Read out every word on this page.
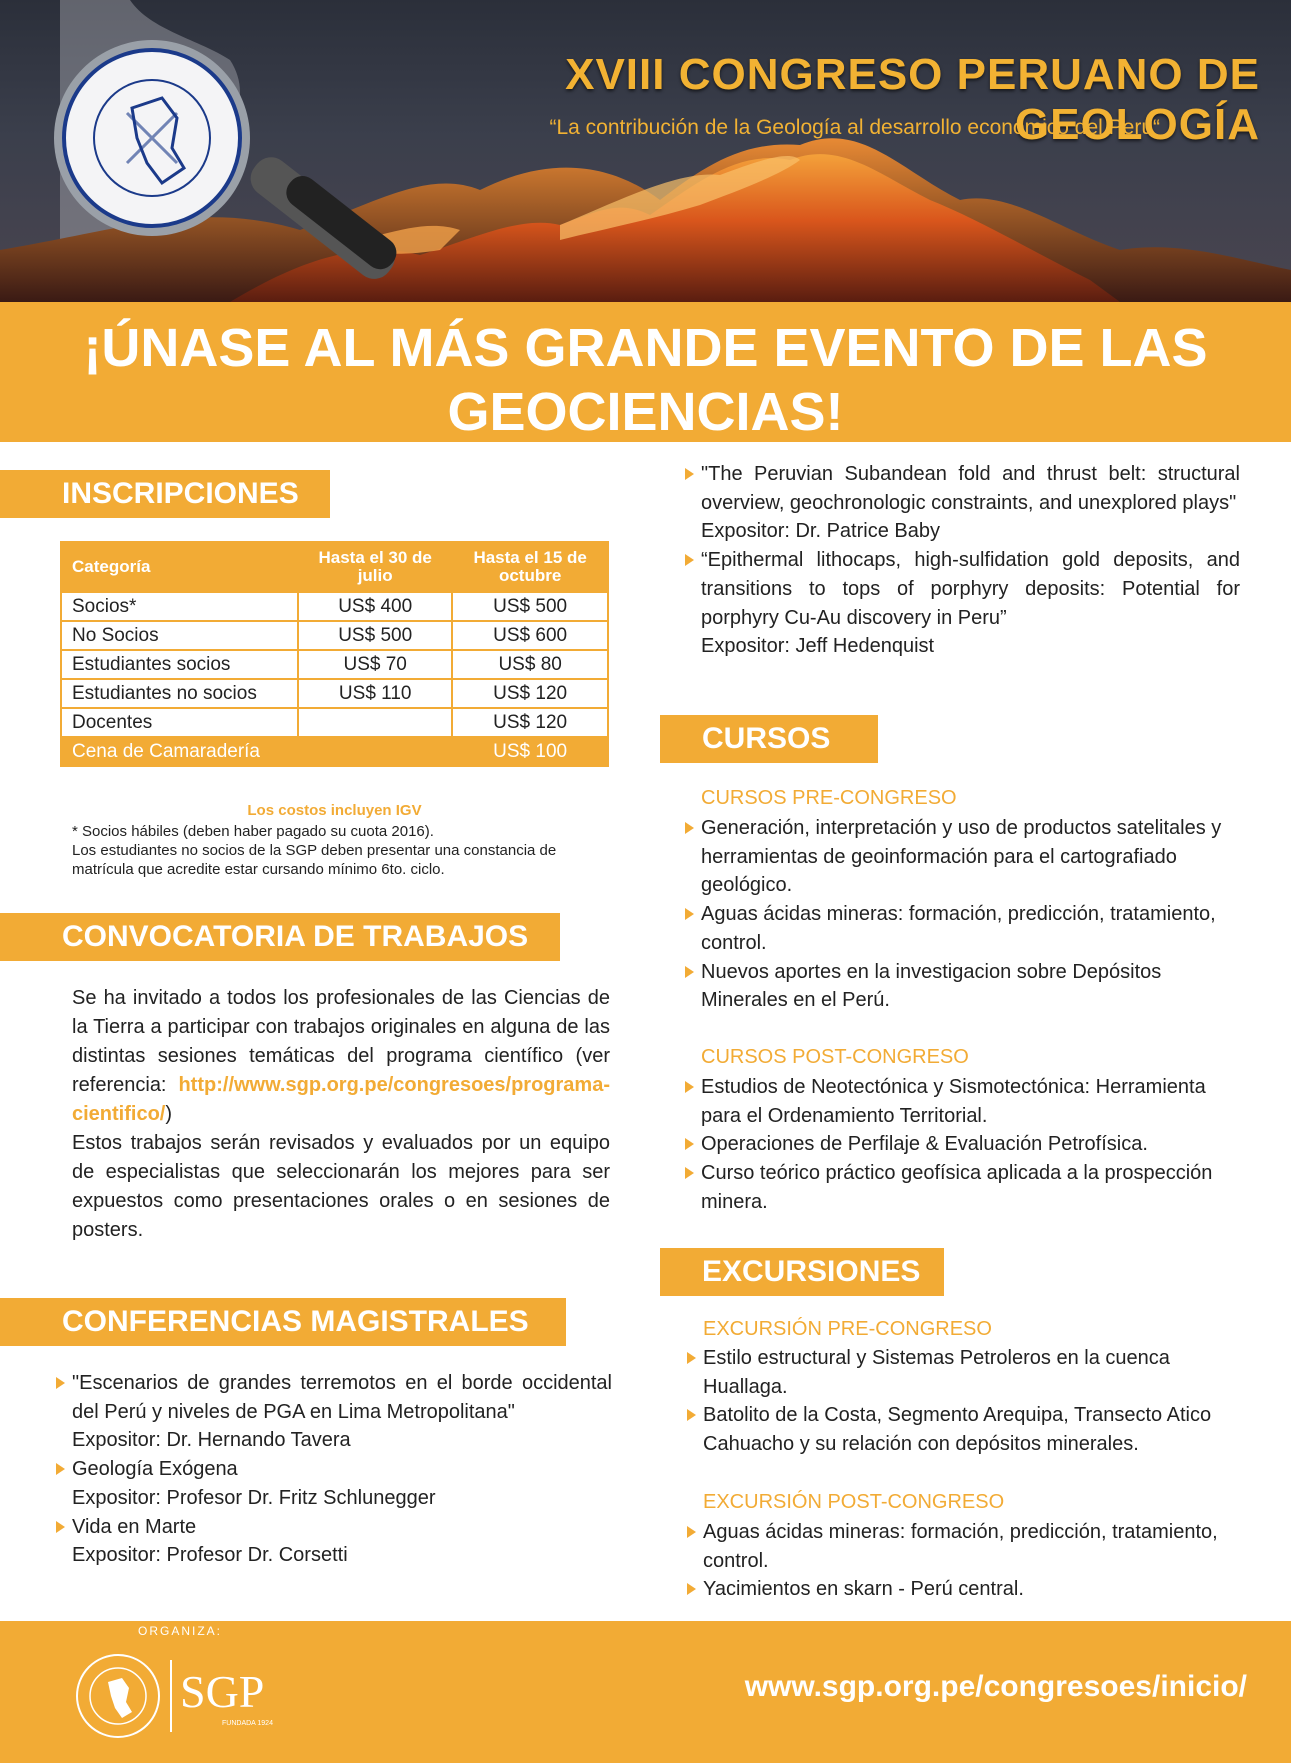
XVIII CONGRESO PERUANO DE GEOLOGÍA
“La contribución de la Geología al desarrollo económico del Perú“
¡ÚNASE AL MÁS GRANDE EVENTO DE LAS
GEOCIENCIAS!
INSCRIPCIONES
Categoría	Hasta el 30 de julio	Hasta el 15 de octubre
Socios*	US$ 400	US$ 500
No Socios	US$ 500	US$ 600
Estudiantes socios	US$ 70	US$ 80
Estudiantes no socios	US$ 110	US$ 120
Docentes		US$ 120
Cena de Camaradería		US$ 100
Los costos incluyen IGV
* Socios hábiles (deben haber pagado su cuota 2016).
Los estudiantes no socios de la SGP deben presentar una constancia de matrícula que acredite estar cursando mínimo 6to. ciclo.
CONVOCATORIA DE TRABAJOS
Se ha invitado a todos los profesionales de las Ciencias de la Tierra a participar con trabajos originales en alguna de las distintas sesiones temáticas del programa científico (ver referencia: http://www.sgp.org.pe/congresoes/programa-cientifico/)
Estos trabajos serán revisados y evaluados por un equipo de especialistas que seleccionarán los mejores para ser expuestos como presentaciones orales o en sesiones de posters.
CONFERENCIAS MAGISTRALES
"Escenarios de grandes terremotos en el borde occidental del Perú y niveles de PGA en Lima Metropolitana"
Expositor: Dr. Hernando Tavera
Geología Exógena
Expositor: Profesor Dr. Fritz Schlunegger
Vida en Marte
Expositor: Profesor Dr. Corsetti
"The Peruvian Subandean fold and thrust belt: structural overview, geochronologic constraints, and unexplored plays"
Expositor: Dr. Patrice Baby
“Epithermal lithocaps, high-sulfidation gold deposits, and transitions to tops of porphyry deposits: Potential for porphyry Cu-Au discovery in Peru”
Expositor: Jeff Hedenquist
CURSOS
CURSOS PRE-CONGRESO
Generación, interpretación y uso de productos satelitales y herramientas de geoinformación para el cartografiado geológico.
Aguas ácidas mineras: formación, predicción, tratamiento, control.
Nuevos aportes en la investigacion sobre Depósitos Minerales en el Perú.
CURSOS POST-CONGRESO
Estudios de Neotectónica y Sismotectónica: Herramienta para el Ordenamiento Territorial.
Operaciones de Perfilaje & Evaluación Petrofísica.
Curso teórico práctico geofísica aplicada a la prospección minera.
EXCURSIONES
EXCURSIÓN PRE-CONGRESO
Estilo estructural y Sistemas Petroleros en la cuenca Huallaga.
Batolito de la Costa, Segmento Arequipa, Transecto Atico Cahuacho y su relación con depósitos minerales.
EXCURSIÓN POST-CONGRESO
Aguas ácidas mineras: formación, predicción, tratamiento, control.
Yacimientos en skarn - Perú central.
ORGANIZA:
SGP
FUNDADA 1924
www.sgp.org.pe/congresoes/inicio/
